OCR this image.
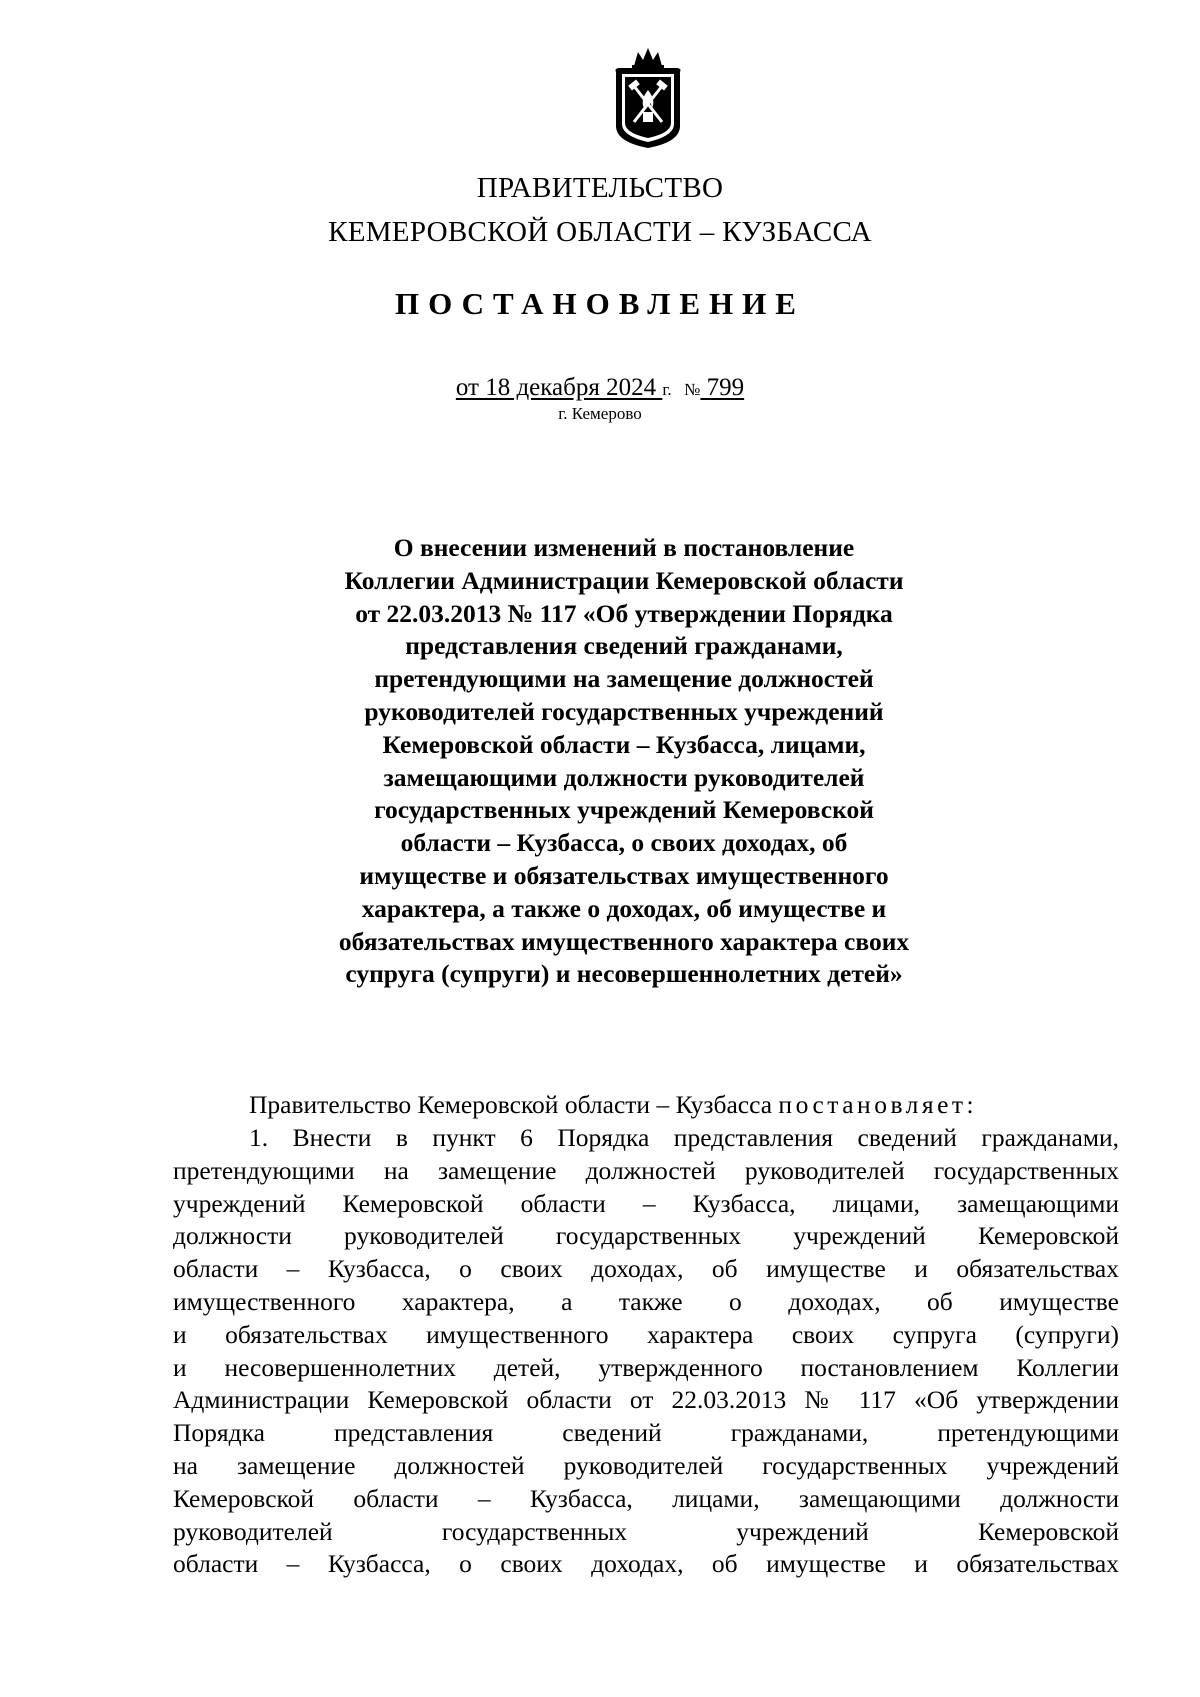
ПРАВИТЕЛЬСТВО
КЕМЕРОВСКОЙ ОБЛАСТИ – КУЗБАССА
ПОСТАНОВЛЕНИЕ
от 18 декабря 2024 г. № 799
г. Кемерово
О внесении изменений в постановление
Коллегии Администрации Кемеровской области
от 22.03.2013 № 117 «Об утверждении Порядка
представления сведений гражданами,
претендующими на замещение должностей
руководителей государственных учреждений
Кемеровской области – Кузбасса, лицами,
замещающими должности руководителей
государственных учреждений Кемеровской
области – Кузбасса, о своих доходах, об
имуществе и обязательствах имущественного
характера, а также о доходах, об имуществе и
обязательствах имущественного характера своих
супруга (супруги) и несовершеннолетних детей»
Правительство Кемеровской области – Кузбасса постановляет:
1. Внести в пункт 6 Порядка представления сведений гражданами,
претендующими на замещение должностей руководителей государственных
учреждений Кемеровской области – Кузбасса, лицами, замещающими
должности руководителей государственных учреждений Кемеровской
области – Кузбасса, о своих доходах, об имуществе и обязательствах
имущественного характера, а также о доходах, об имуществе
и обязательствах имущественного характера своих супруга (супруги)
и несовершеннолетних детей, утвержденного постановлением Коллегии
Администрации Кемеровской области от 22.03.2013 № 117 «Об утверждении
Порядка представления сведений гражданами, претендующими
на замещение должностей руководителей государственных учреждений
Кемеровской области – Кузбасса, лицами, замещающими должности
руководителей государственных учреждений Кемеровской
области – Кузбасса, о своих доходах, об имуществе и обязательствах
